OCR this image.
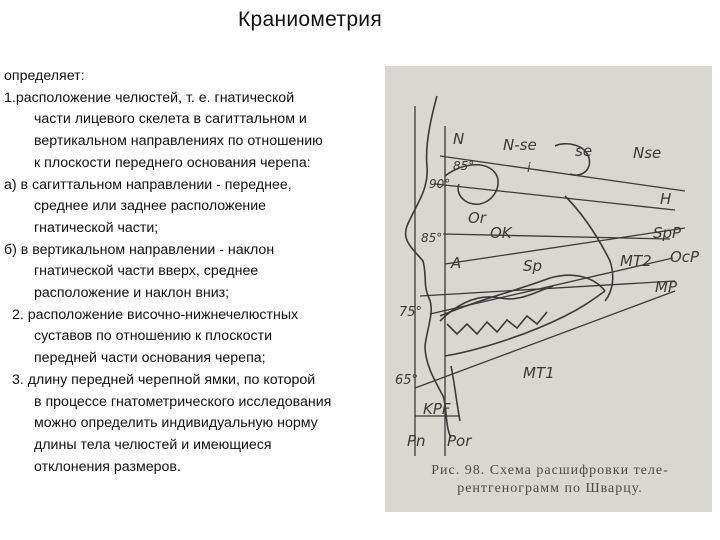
Краниометрия
определяет:
1.расположение челюстей, т. е. гнатической
части лицевого скелета в сагиттальном и
вертикальном направлениях по отношению
к плоскости переднего основания черепа:
а) в сагиттальном направлении - переднее,
среднее или заднее расположение
гнатической части;
б) в вертикальном направлении - наклон
гнатической части вверх, среднее
расположение и наклон вниз;
2. расположение височно-нижнечелюстных
суставов по отношению к плоскости
передней части основания черепа;
3. длину передней черепной ямки, по которой
в процессе гнатометрического исследования
можно определить индивидуальную норму
длины тела челюстей и имеющиеся
отклонения размеров.
N	N-se	se	Nse
85°	i
90°
Or
H
OK
85°	SpP
A	Sp	MT2 OcP
MP
75°
MT1
65°
KPF
Pn Por
Рис. 98. Схема расшифровки теле-
рентгенограмм по Шварцу.
